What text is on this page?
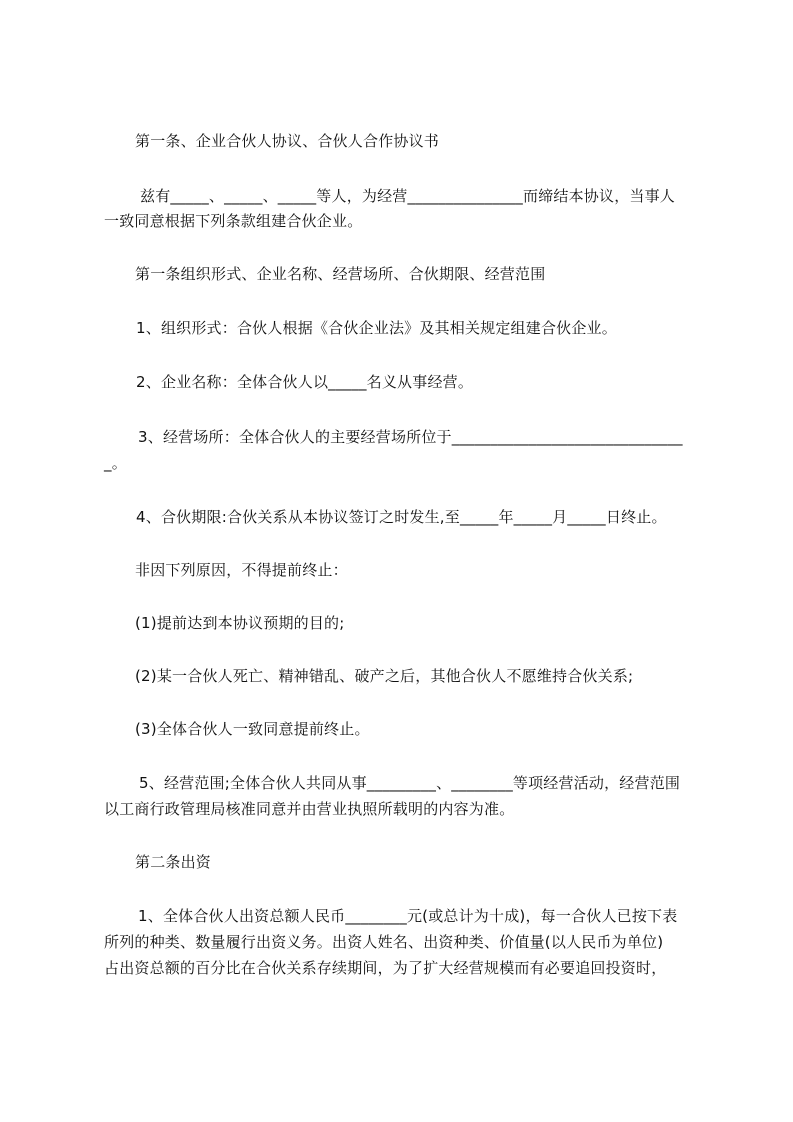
第一条、企业合伙人协议、合伙人合作协议书
兹有_____、_____、_____等人，为经营_______________而缔结本协议，当事人
一致同意根据下列条款组建合伙企业。
第一条组织形式、企业名称、经营场所、合伙期限、经营范围
1、组织形式：合伙人根据《合伙企业法》及其相关规定组建合伙企业。
2、企业名称：全体合伙人以_____名义从事经营。
3、经营场所：全体合伙人的主要经营场所位于______________________________
_。
4、合伙期限:合伙关系从本协议签订之时发生,至_____年_____月_____日终止。
非因下列原因，不得提前终止：
(1)提前达到本协议预期的目的;
(2)某一合伙人死亡、精神错乱、破产之后，其他合伙人不愿维持合伙关系;
(3)全体合伙人一致同意提前终止。
5、经营范围;全体合伙人共同从事_________、________等项经营活动，经营范围
以工商行政管理局核准同意并由营业执照所载明的内容为准。
第二条出资
1、全体合伙人出资总额人民币________元(或总计为十成)，每一合伙人已按下表
所列的种类、数量履行出资义务。出资人姓名、出资种类、价值量(以人民币为单位)
占出资总额的百分比在合伙关系存续期间，为了扩大经营规模而有必要追回投资时，
